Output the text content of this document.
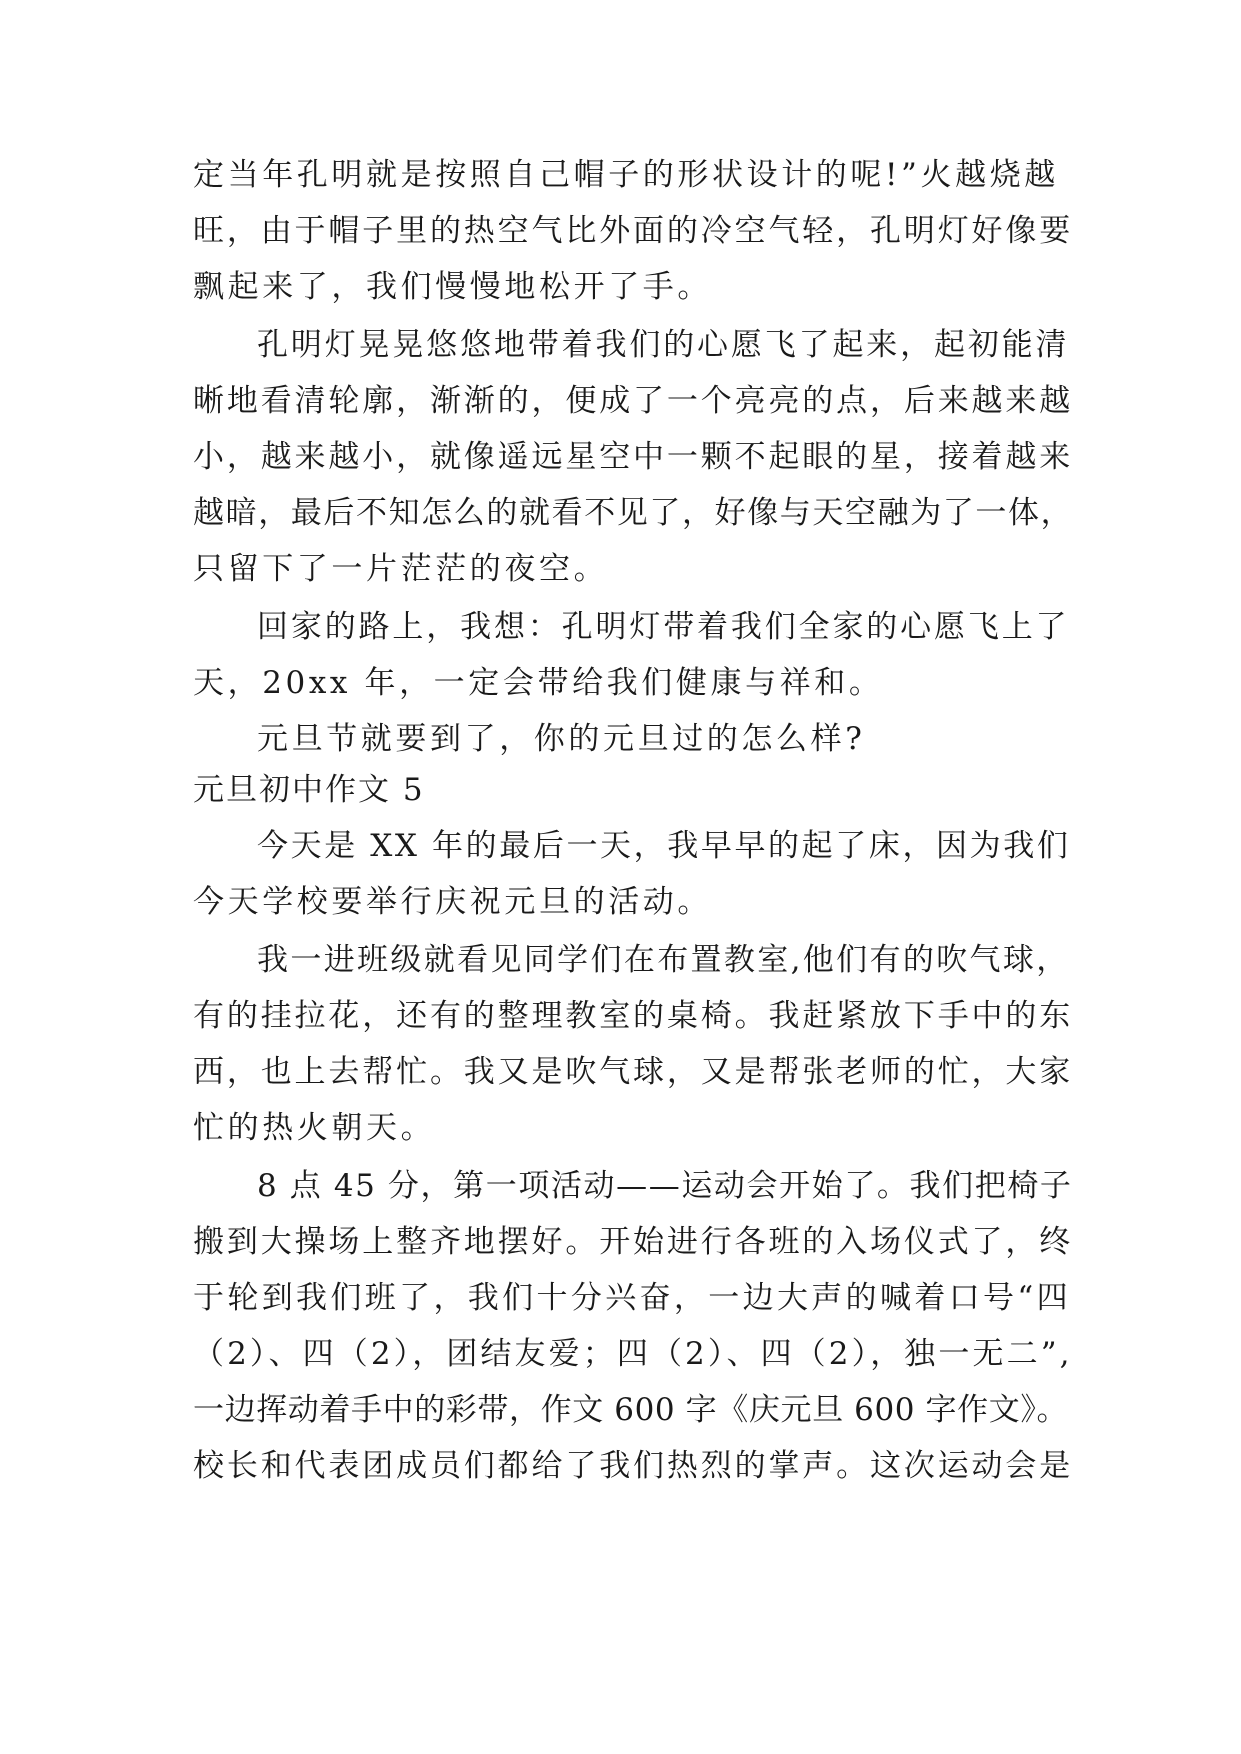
定当年孔明就是按照自己帽子的形状设计的呢!”火越烧越
旺，由于帽子里的热空气比外面的冷空气轻，孔明灯好像要
飘起来了，我们慢慢地松开了手。
孔明灯晃晃悠悠地带着我们的心愿飞了起来，起初能清
晰地看清轮廓，渐渐的，便成了一个亮亮的点，后来越来越
小，越来越小，就像遥远星空中一颗不起眼的星，接着越来
越暗，最后不知怎么的就看不见了，好像与天空融为了一体，
只留下了一片茫茫的夜空。
回家的路上，我想：孔明灯带着我们全家的心愿飞上了
天，20xx 年，一定会带给我们健康与祥和。
元旦节就要到了，你的元旦过的怎么样?
元旦初中作文 5
今天是 XX 年的最后一天，我早早的起了床，因为我们
今天学校要举行庆祝元旦的活动。
我一进班级就看见同学们在布置教室,他们有的吹气球，
有的挂拉花，还有的整理教室的桌椅。我赶紧放下手中的东
西，也上去帮忙。我又是吹气球，又是帮张老师的忙，大家
忙的热火朝天。
8 点 45 分，第一项活动——运动会开始了。我们把椅子
搬到大操场上整齐地摆好。开始进行各班的入场仪式了，终
于轮到我们班了，我们十分兴奋，一边大声的喊着口号“四
（2）、四（2），团结友爱；四（2）、四（2），独一无二”,
一边挥动着手中的彩带，作文 600 字《庆元旦 600 字作文》。
校长和代表团成员们都给了我们热烈的掌声。这次运动会是
